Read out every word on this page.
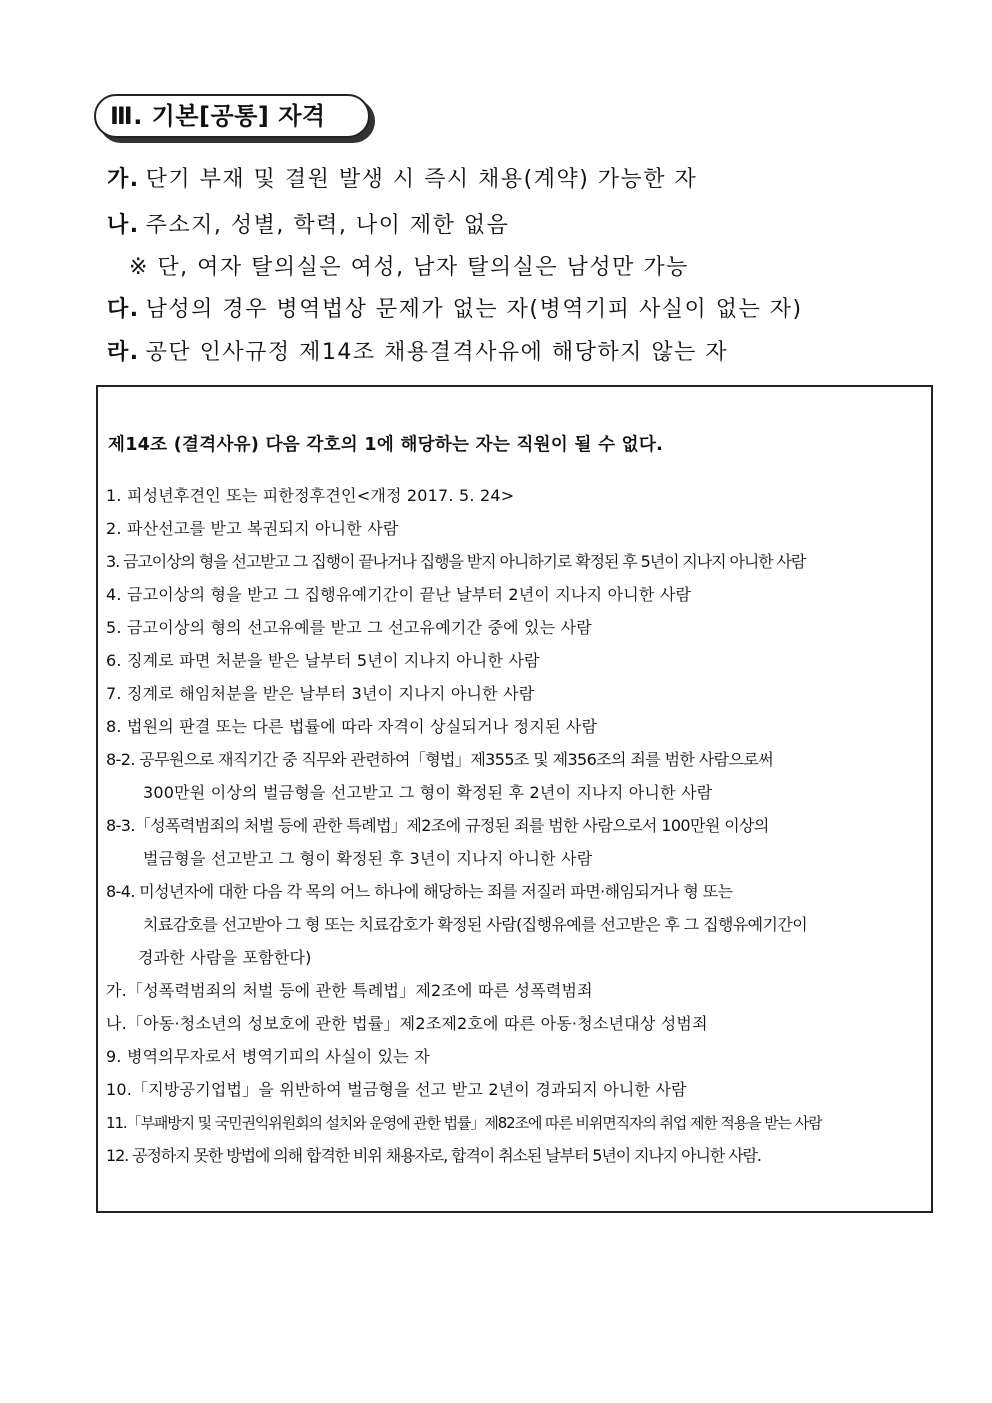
Ⅲ. 기본[공통] 자격
가. 단기 부재 및 결원 발생 시 즉시 채용(계약) 가능한 자
나. 주소지, 성별, 학력, 나이 제한 없음
※ 단, 여자 탈의실은 여성, 남자 탈의실은 남성만 가능
다. 남성의 경우 병역법상 문제가 없는 자(병역기피 사실이 없는 자)
라. 공단 인사규정 제14조 채용결격사유에 해당하지 않는 자
제14조 (결격사유) 다음 각호의 1에 해당하는 자는 직원이 될 수 없다.
1. 피성년후견인 또는 피한정후견인<개정 2017. 5. 24>
2. 파산선고를 받고 복권되지 아니한 사람
3. 금고이상의 형을 선고받고 그 집행이 끝나거나 집행을 받지 아니하기로 확정된 후 5년이 지나지 아니한 사람
4. 금고이상의 형을 받고 그 집행유예기간이 끝난 날부터 2년이 지나지 아니한 사람
5. 금고이상의 형의 선고유예를 받고 그 선고유예기간 중에 있는 사람
6. 징계로 파면 처분을 받은 날부터 5년이 지나지 아니한 사람
7. 징계로 해임처분을 받은 날부터 3년이 지나지 아니한 사람
8. 법원의 판결 또는 다른 법률에 따라 자격이 상실되거나 정지된 사람
8-2. 공무원으로 재직기간 중 직무와 관련하여「형법」제355조 및 제356조의 죄를 범한 사람으로써
300만원 이상의 벌금형을 선고받고 그 형이 확정된 후 2년이 지나지 아니한 사람
8-3.「성폭력범죄의 처벌 등에 관한 특례법」제2조에 규정된 죄를 범한 사람으로서 100만원 이상의
벌금형을 선고받고 그 형이 확정된 후 3년이 지나지 아니한 사람
8-4. 미성년자에 대한 다음 각 목의 어느 하나에 해당하는 죄를 저질러 파면·해임되거나 형 또는
치료감호를 선고받아 그 형 또는 치료감호가 확정된 사람(집행유예를 선고받은 후 그 집행유예기간이
경과한 사람을 포함한다)
가.「성폭력범죄의 처벌 등에 관한 특례법」제2조에 따른 성폭력범죄
나.「아동·청소년의 성보호에 관한 법률」제2조제2호에 따른 아동·청소년대상 성범죄
9. 병역의무자로서 병역기피의 사실이 있는 자
10.「지방공기업법」을 위반하여 벌금형을 선고 받고 2년이 경과되지 아니한 사람
11.「부패방지 및 국민권익위원회의 설치와 운영에 관한 법률」제82조에 따른 비위면직자의 취업 제한 적용을 받는 사람
12. 공정하지 못한 방법에 의해 합격한 비위 채용자로, 합격이 취소된 날부터 5년이 지나지 아니한 사람.
